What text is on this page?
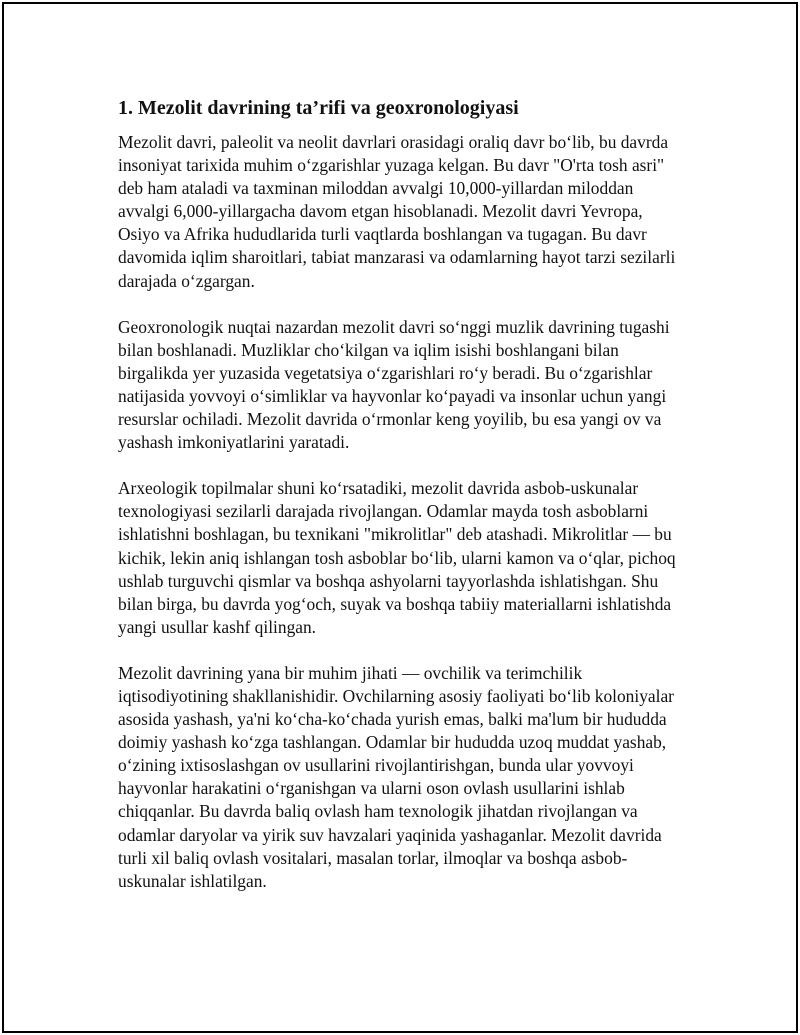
1. Mezolit davrining ta’rifi va geoxronologiyasi

Mezolit davri, paleolit va neolit davrlari orasidagi oraliq davr bo‘lib, bu davrda insoniyat tarixida muhim o‘zgarishlar yuzaga kelgan. Bu davr "O'rta tosh asri" deb ham ataladi va taxminan miloddan avvalgi 10,000-yillardan miloddan avvalgi 6,000-yillargacha davom etgan hisoblanadi. Mezolit davri Yevropa, Osiyo va Afrika hududlarida turli vaqtlarda boshlangan va tugagan. Bu davr davomida iqlim sharoitlari, tabiat manzarasi va odamlarning hayot tarzi sezilarli darajada o‘zgargan.

Geoxronologik nuqtai nazardan mezolit davri so‘nggi muzlik davrining tugashi bilan boshlanadi. Muzliklar cho‘kilgan va iqlim isishi boshlangani bilan birgalikda yer yuzasida vegetatsiya o‘zgarishlari ro‘y beradi. Bu o‘zgarishlar natijasida yovvoyi o‘simliklar va hayvonlar ko‘payadi va insonlar uchun yangi resurslar ochiladi. Mezolit davrida o‘rmonlar keng yoyilib, bu esa yangi ov va yashash imkoniyatlarini yaratadi.

Arxeologik topilmalar shuni ko‘rsatadiki, mezolit davrida asbob-uskunalar texnologiyasi sezilarli darajada rivojlangan. Odamlar mayda tosh asboblarni ishlatishni boshlagan, bu texnikani "mikrolitlar" deb atashadi. Mikrolitlar — bu kichik, lekin aniq ishlangan tosh asboblar bo‘lib, ularni kamon va o‘qlar, pichoq ushlab turguvchi qismlar va boshqa ashyolarni tayyorlashda ishlatishgan. Shu bilan birga, bu davrda yog‘och, suyak va boshqa tabiiy materiallarni ishlatishda yangi usullar kashf qilingan.

Mezolit davrining yana bir muhim jihati — ovchilik va terimchilik iqtisodiyotining shakllanishidir. Ovchilarning asosiy faoliyati bo‘lib koloniyalar asosida yashash, ya'ni ko‘cha-ko‘chada yurish emas, balki ma'lum bir hududda doimiy yashash ko‘zga tashlangan. Odamlar bir hududda uzoq muddat yashab, o‘zining ixtisoslashgan ov usullarini rivojlantirishgan, bunda ular yovvoyi hayvonlar harakatini o‘rganishgan va ularni oson ovlash usullarini ishlab chiqqanlar. Bu davrda baliq ovlash ham texnologik jihatdan rivojlangan va odamlar daryolar va yirik suv havzalari yaqinida yashaganlar. Mezolit davrida turli xil baliq ovlash vositalari, masalan torlar, ilmoqlar va boshqa asbob-uskunalar ishlatilgan.
